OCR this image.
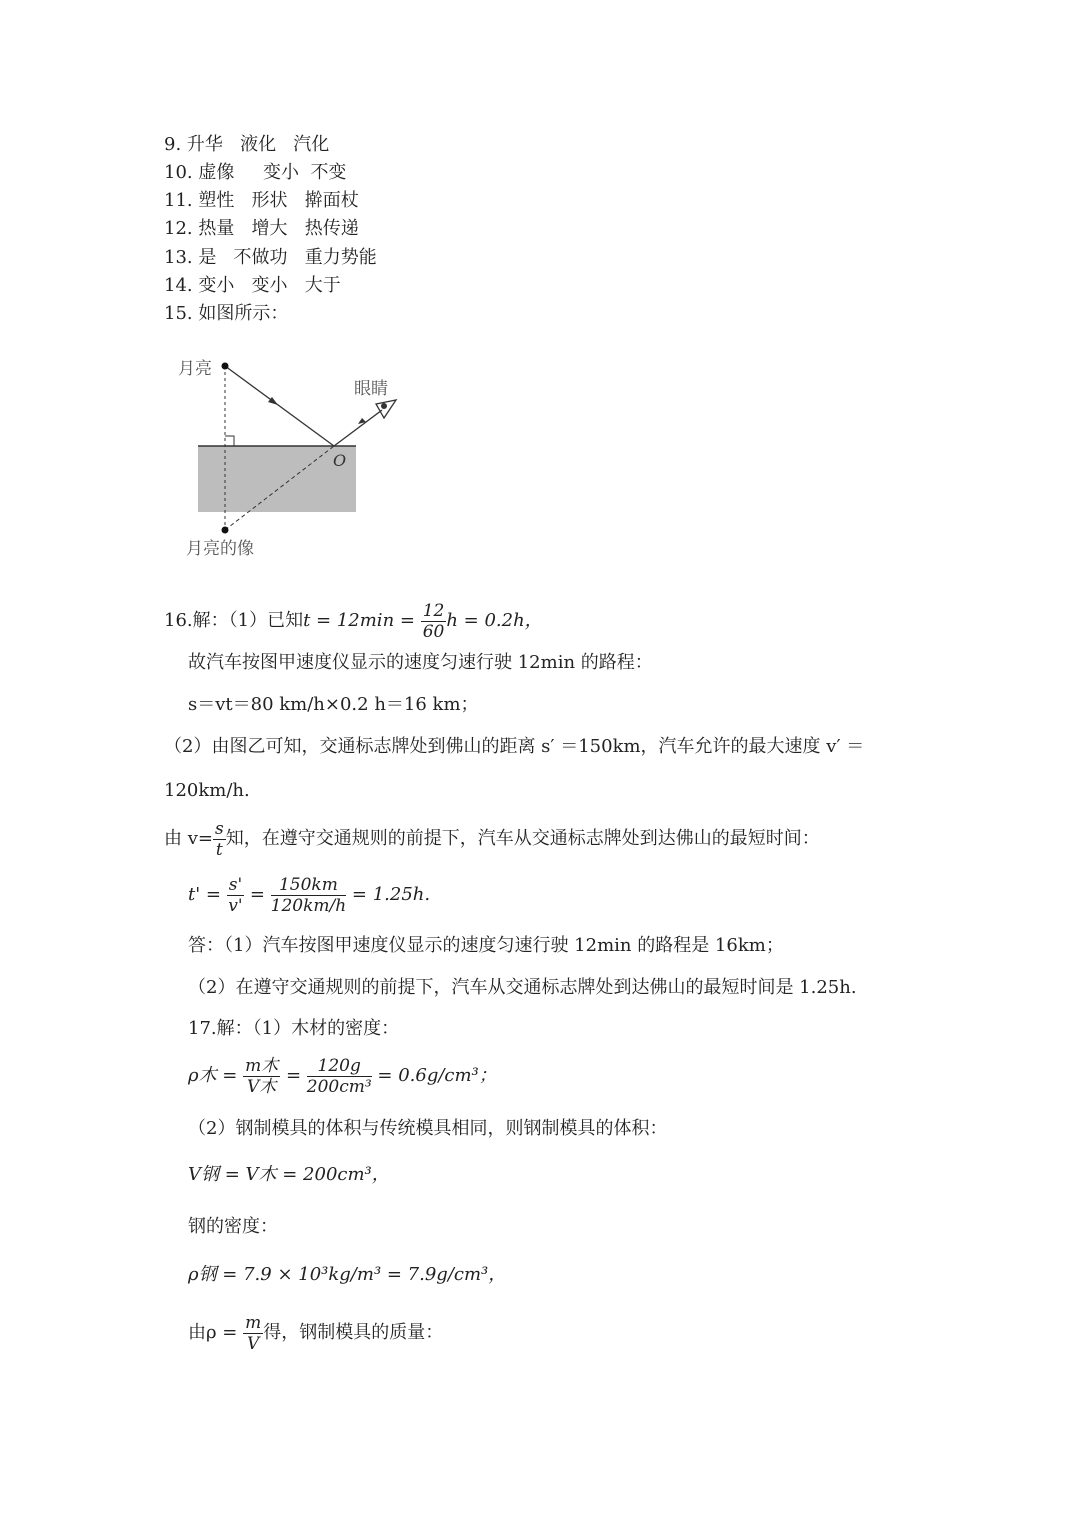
9. 升华 液化 汽化
10. 虚像 变小 不变
11. 塑性 形状 擀面杖
12. 热量 增大 热传递
13. 是 不做功 重力势能
14. 变小 变小 大于
15. 如图所示：
月亮
眼睛
月亮的像
O
16.解：（1）已知$t = 12\min = \frac{12}{60}$ h = 0.2h，
故汽车按图甲速度仪显示的速度匀速行驶 12min 的路程：
s＝vt＝80 km/h×0.2 h＝16 km；
（2）由图乙可知，交通标志牌处到佛山的距离 s′ ＝150km，汽车允许的最大速度 v′ ＝
120km/h.
由 $v= \frac{s}{t}$ 知，在遵守交通规则的前提下，汽车从交通标志牌处到达佛山的最短时间：
$t' = \frac{s'}{v'} = \frac{150km}{120km/h} = 1.25h$.
答：（1）汽车按图甲速度仪显示的速度匀速行驶 12min 的路程是 16km；
（2）在遵守交通规则的前提下，汽车从交通标志牌处到达佛山的最短时间是 1.25h.
17.解：（1）木材的密度：
ρ木 = $\frac{\text{m木}}{\text{V木}} = \frac{120g}{\text{200cm³}} = 0.6g/cm^3$；
（2）钢制模具的体积与传统模具相同，则钢制模具的体积：
V钢 = V木 = 200cm³，
钢的密度：
ρ钢 = 7.9 × 10³kg/m³ = 7.9g/cm³，
由$\rho = \frac{m}{V}$ 得，钢制模具的质量：
